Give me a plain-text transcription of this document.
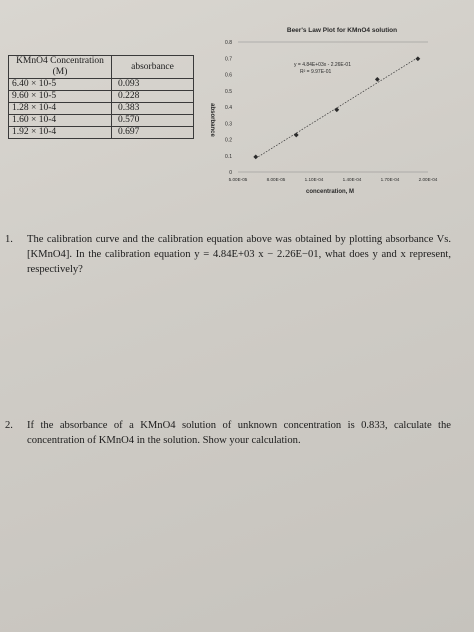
KMnO4 Concentration (M)	absorbance
6.40 × 10-5	0.093
9.60 × 10-5	0.228
1.28 × 10-4	0.383
1.60 × 10-4	0.570
1.92 × 10-4	0.697
Beer's Law Plot for KMnO4 solution
y = 4.84E+03x - 2.26E-01
R² = 9.97E-01
concentration, M
absorbance
0
0.1
0.2
0.3
0.4
0.5
0.6
0.7
0.8
5.00E-05	8.00E-05	1.10E-04	1.40E-04	1.70E-04	2.00E-04
1. The calibration curve and the calibration equation above was obtained by plotting absorbance Vs. [KMnO4]. In the calibration equation y = 4.84E+03 x − 2.26E−01, what does y and x represent, respectively?
2. If the absorbance of a KMnO4 solution of unknown concentration is 0.833, calculate the concentration of KMnO4 in the solution. Show your calculation.
